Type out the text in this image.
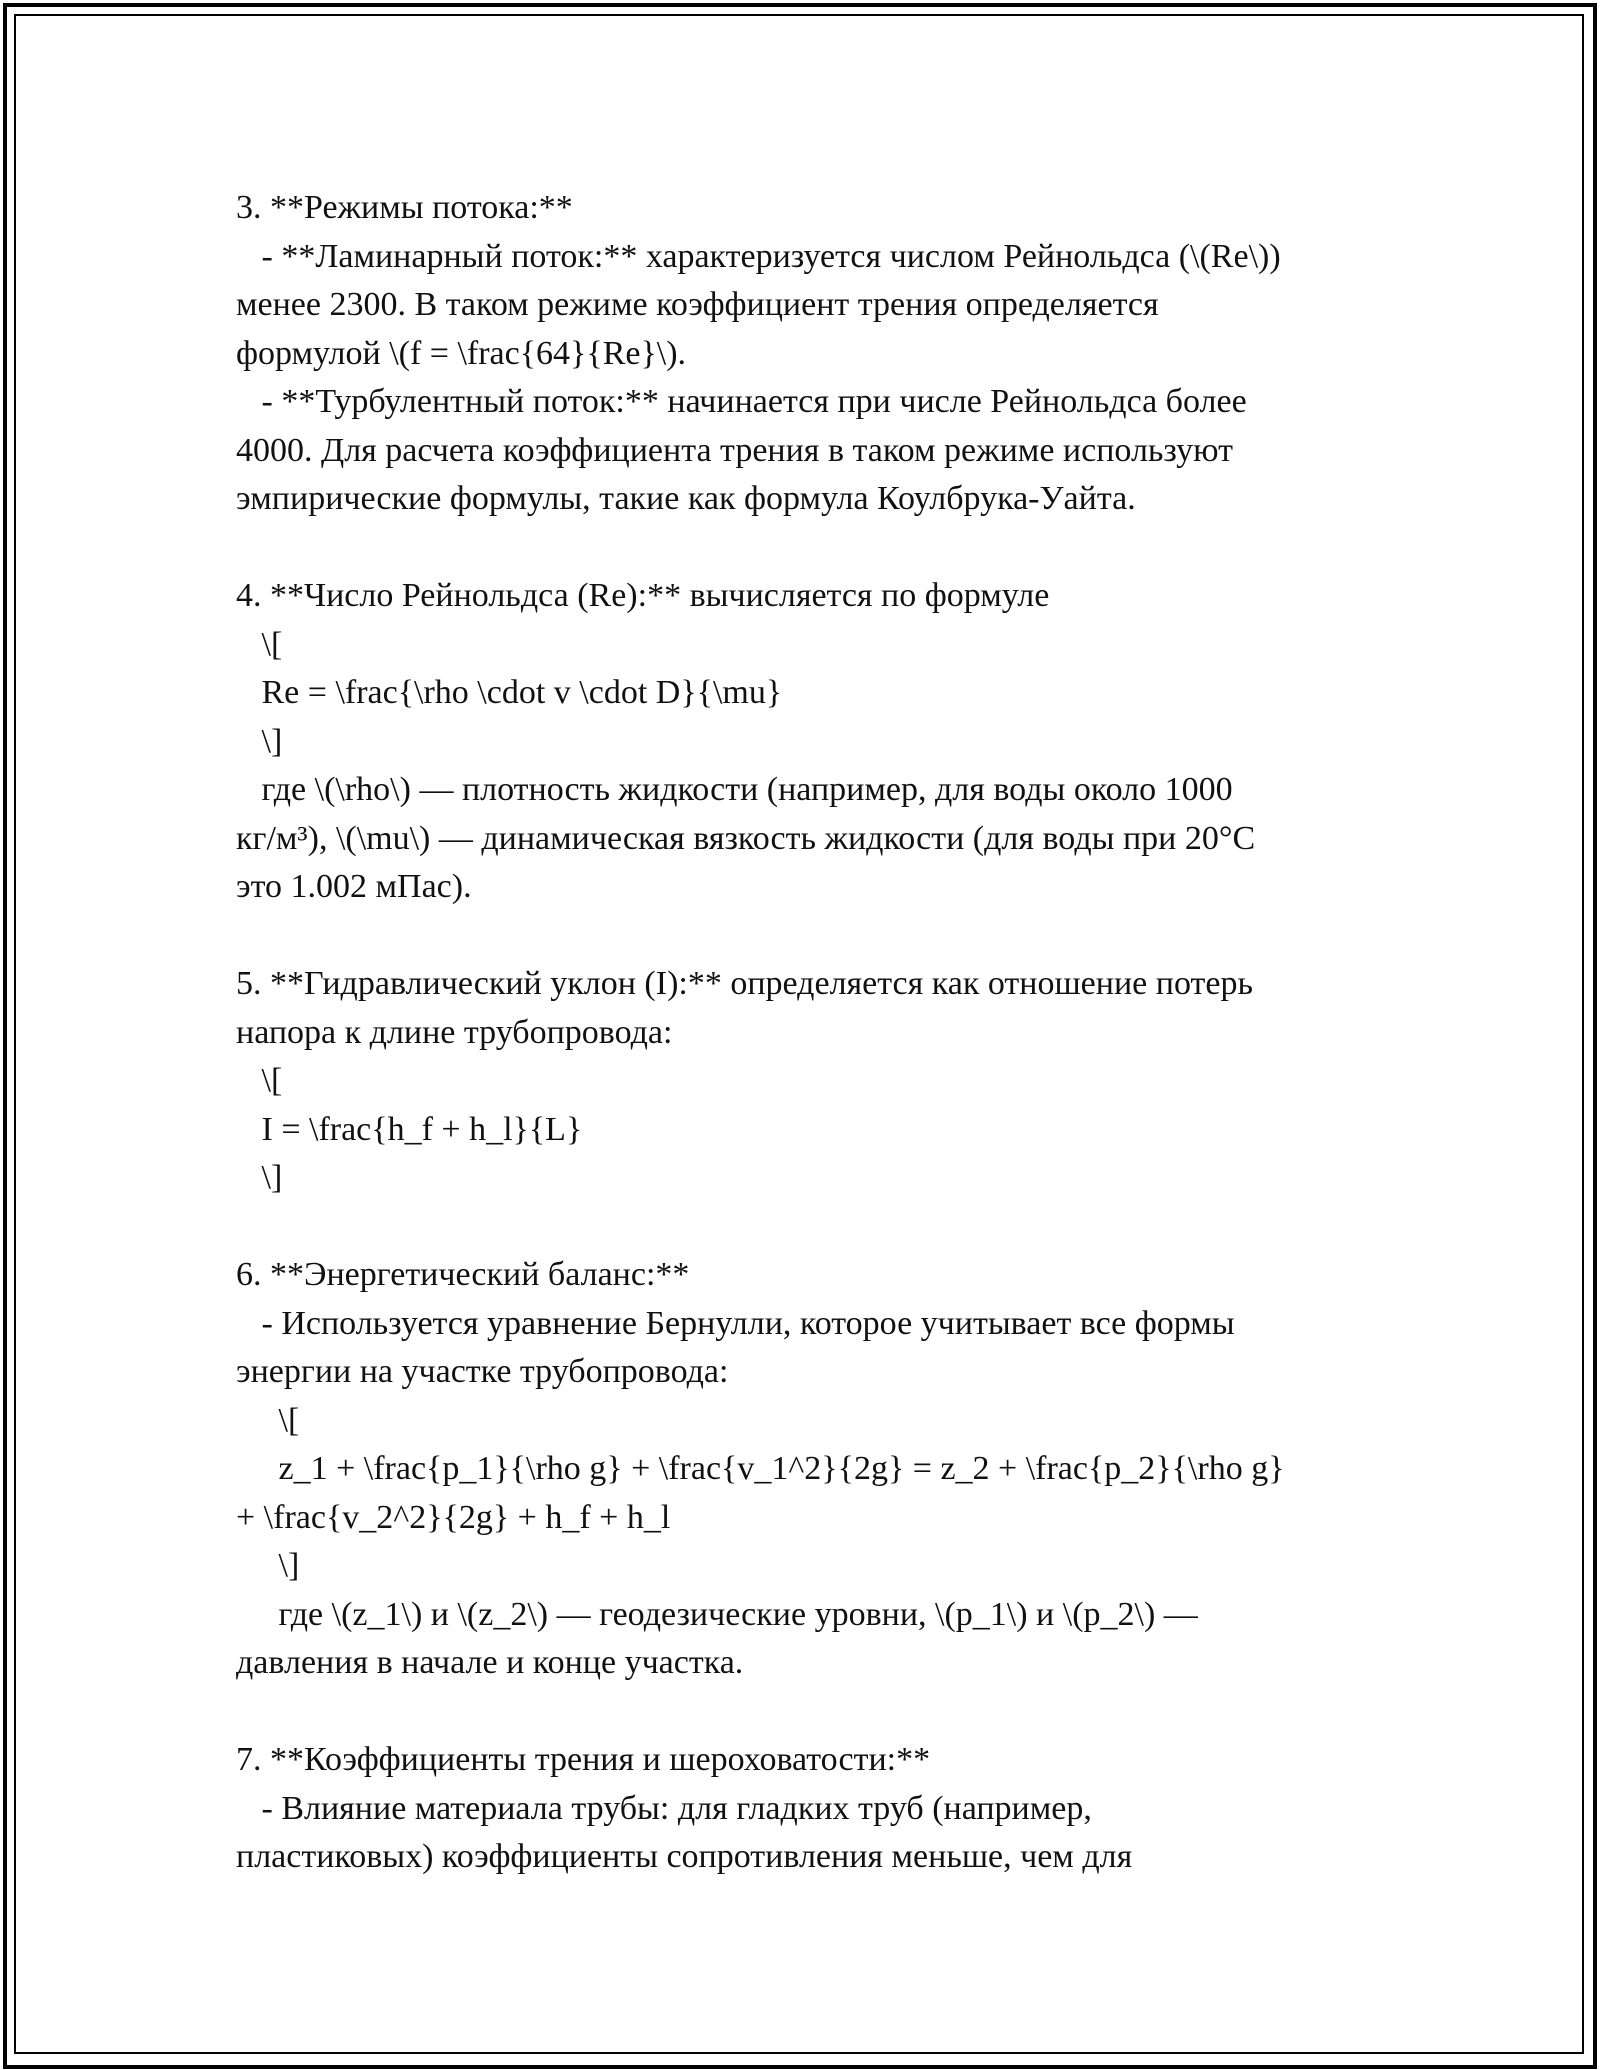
3. **Режимы потока:**
- **Ламинарный поток:** характеризуется числом Рейнольдса (\(Re\))
менее 2300. В таком режиме коэффициент трения определяется
формулой \(f = \frac{64}{Re}\).
- **Турбулентный поток:** начинается при числе Рейнольдса более
4000. Для расчета коэффициента трения в таком режиме используют
эмпирические формулы, такие как формула Коулбрука-Уайта.
4. **Число Рейнольдса (Re):** вычисляется по формуле
\[
Re = \frac{\rho \cdot v \cdot D}{\mu}
\]
где \(\rho\) — плотность жидкости (например, для воды около 1000
кг/м³), \(\mu\) — динамическая вязкость жидкости (для воды при 20°C
это 1.002 мПас).
5. **Гидравлический уклон (I):** определяется как отношение потерь
напора к длине трубопровода:
\[
I = \frac{h_f + h_l}{L}
\]
6. **Энергетический баланс:**
- Используется уравнение Бернулли, которое учитывает все формы
энергии на участке трубопровода:
\[
z_1 + \frac{p_1}{\rho g} + \frac{v_1^2}{2g} = z_2 + \frac{p_2}{\rho g}
+ \frac{v_2^2}{2g} + h_f + h_l
\]
где \(z_1\) и \(z_2\) — геодезические уровни, \(p_1\) и \(p_2\) —
давления в начале и конце участка.
7. **Коэффициенты трения и шероховатости:**
- Влияние материала трубы: для гладких труб (например,
пластиковых) коэффициенты сопротивления меньше, чем для
